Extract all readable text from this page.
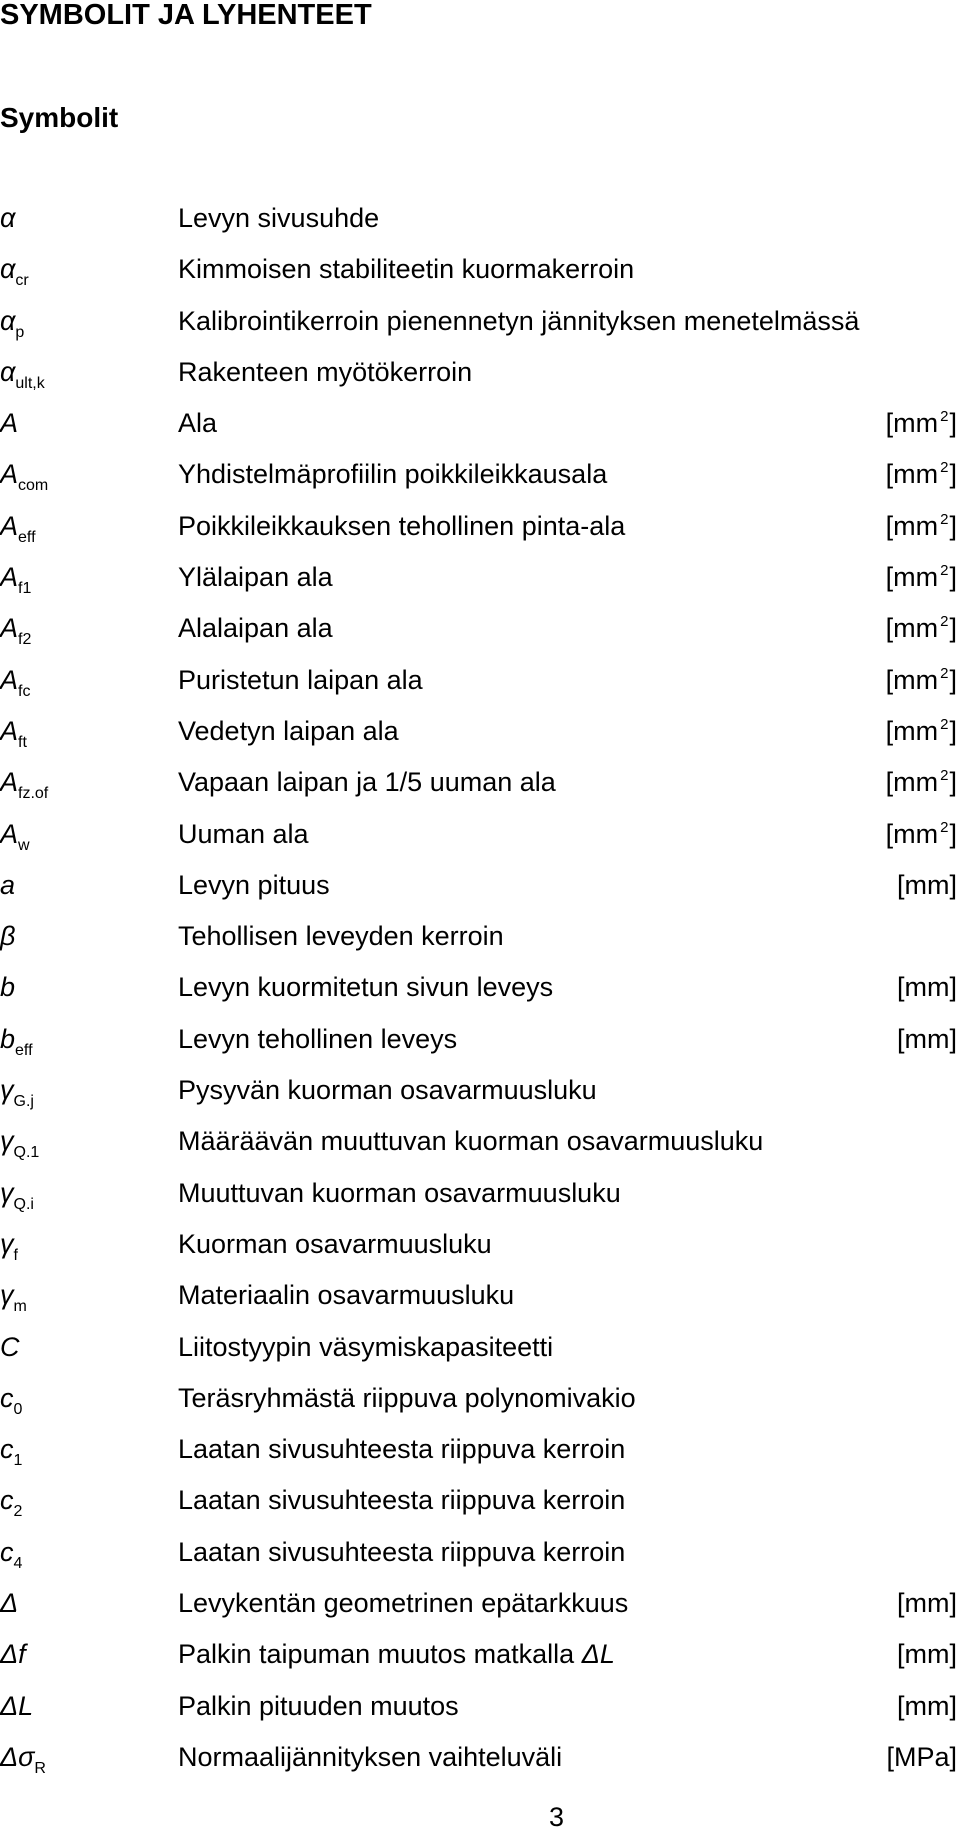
SYMBOLIT JA LYHENTEET
Symbolit
α	Levyn sivusuhde
$\alpha_{cr}$	Kimmoisen stabiliteetin kuormakerroin
$\alpha_p$	Kalibrointikerroin pienennetyn jännityksen menetelmässä
$\alpha_{ult,k}$	Rakenteen myötökerroin
A	Ala	[mm $^2$]
$A_{com}$	Yhdistelmäprofiilin poikkileikkausala	[mm $^2$]
$A_{eff}$	Poikkileikkauksen tehollinen pinta-ala	[mm $^2$]
$A_{f1}$	Ylälaipan ala	[mm $^2$]
$A_{f2}$	Alalaipan ala	[mm $^2$]
$A_{fc}$	Puristetun laipan ala	[mm $^2$]
$A_{ft}$	Vedetyn laipan ala	[mm $^2$]
$A_{fz.of}$	Vapaan laipan ja 1/5 uuman ala	[mm $^2$]
$A_w$	Uuman ala	[mm $^2$]
a	Levyn pituus	[mm]
β	Tehollisen leveyden kerroin
b	Levyn kuormitetun sivun leveys	[mm]
$b_{eff}$	Levyn tehollinen leveys	[mm]
$\gamma_{G.j}$	Pysyvän kuorman osavarmuusluku
$\gamma_{Q.1}$	Määräävän muuttuvan kuorman osavarmuusluku
$\gamma_{Q.i}$	Muuttuvan kuorman osavarmuusluku
$\gamma_f$	Kuorman osavarmuusluku
$\gamma_m$	Materiaalin osavarmuusluku
C	Liitostyypin väsymiskapasiteetti
$c_0$	Teräsryhmästä riippuva polynomivakio
$c_1$	Laatan sivusuhteesta riippuva kerroin
$c_2$	Laatan sivusuhteesta riippuva kerroin
$c_4$	Laatan sivusuhteesta riippuva kerroin
Δ	Levykentän geometrinen epätarkkuus	[mm]
Δf	Palkin taipuman muutos matkalla ΔL	[mm]
ΔL	Palkin pituuden muutos	[mm]
$\Delta\sigma_R$	Normaalijännityksen vaihteluväli	[MPa]
3
